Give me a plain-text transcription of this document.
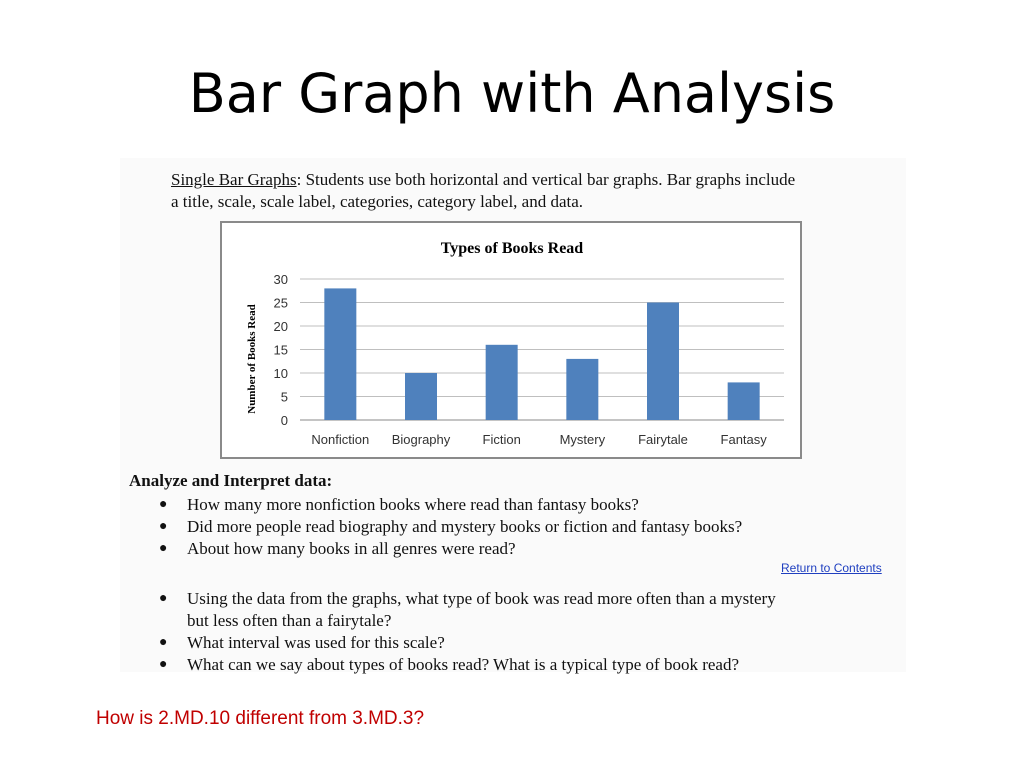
Bar Graph with Analysis
Single Bar Graphs: Students use both horizontal and vertical bar graphs. Bar graphs include
a title, scale, scale label, categories, category label, and data.
Types of Books Read
Number of Books Read
0
5
10
15
20
25
30
Nonfiction Biography Fiction	Mystery	Fairytale	Fantasy
Analyze and Interpret data:
● How many more nonfiction books where read than fantasy books?
● Did more people read biography and mystery books or fiction and fantasy books?
● About how many books in all genres were read?
Return to Contents
● Using the data from the graphs, what type of book was read more often than a mystery
but less often than a fairytale?
● What interval was used for this scale?
● What can we say about types of books read? What is a typical type of book read?
How is 2.MD.10 different from 3.MD.3?
